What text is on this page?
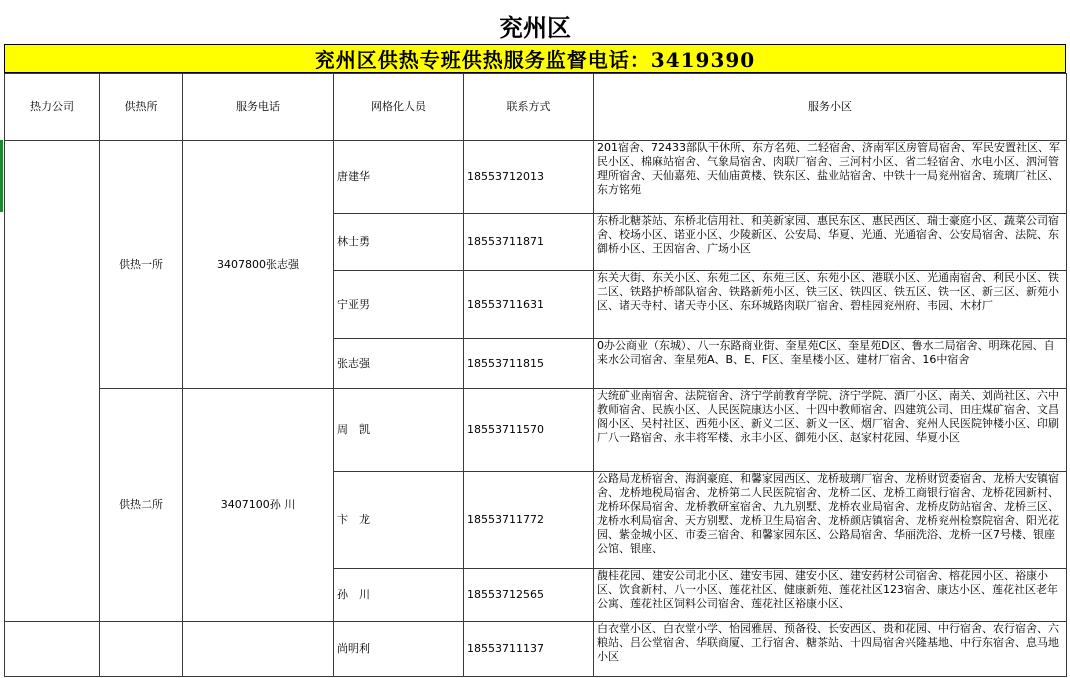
兖州区
兖州区供热专班供热服务监督电话：3419390
热力公司	供热所	服务电话	网格化人员	联系方式	服务小区
	供热一所	3407800张志强	唐建华	18553712013	201宿舍、72433部队干休所、东方名苑、二轻宿舍、济南军区房管局宿舍、军民安置社区、军民小区、棉麻站宿舍、气象局宿舍、肉联厂宿舍、三河村小区、省二轻宿舍、水电小区、泗河管理所宿舍、天仙嘉苑、天仙庙黄楼、铁东区、盐业站宿舍、中铁十一局兖州宿舍、琉璃厂社区、东方铭苑
			林士勇	18553711871	东桥北糖茶站、东桥北信用社、和美新家园、惠民东区、惠民西区、瑞士豪庭小区、蔬菜公司宿舍、校场小区、诺亚小区、少陵新区、公安局、华夏、光通、光通宿舍、公安局宿舍、法院、东御桥小区、王因宿舍、广场小区
			宁亚男	18553711631	东关大街、东关小区、东苑二区、东苑三区、东苑小区、港联小区、光通南宿舍、利民小区、铁二区、铁路护桥部队宿舍、铁路新苑小区、铁三区、铁四区、铁五区、铁一区、新三区、新苑小区、诸天寺村、诸天寺小区、东环城路肉联厂宿舍、碧桂园兖州府、韦园、木材厂
			张志强	18553711815	0办公商业（东城）、八一东路商业街、奎星苑C区、奎星苑D区、鲁水二局宿舍、明珠花园、自来水公司宿舍、奎星苑A、B、E、F区、奎星楼小区、建材厂宿舍、16中宿舍
	供热二所	3407100孙 川	周　凯	18553711570	大统矿业南宿舍、法院宿舍、济宁学前教育学院、济宁学院、酒厂小区、南关、刘尚社区、六中教师宿舍、民族小区、人民医院康达小区、十四中教师宿舍、四建筑公司、田庄煤矿宿舍、文昌阁小区、吴村社区、西苑小区、新义二区、新义一区、烟厂宿舍、兖州人民医院钟楼小区、印刷厂八一路宿舍、永丰将军楼、永丰小区、御苑小区、赵家村花园、华夏小区
			卞　龙	18553711772	公路局龙桥宿舍、海润豪庭、和馨家园西区、龙桥玻璃厂宿舍、龙桥财贸委宿舍、龙桥大安镇宿舍、龙桥地税局宿舍、龙桥第二人民医院宿舍、龙桥二区、龙桥工商银行宿舍、龙桥花园新村、龙桥环保局宿舍、龙桥教研室宿舍、九九别墅、龙桥农业局宿舍、龙桥皮防站宿舍、龙桥三区、龙桥水利局宿舍、天方别墅、龙桥卫生局宿舍、龙桥颜店镇宿舍、龙桥兖州检察院宿舍、阳光花园、紫金城小区、市委三宿舍、和馨家园东区、公路局宿舍、华丽洗浴、龙桥一区7号楼、银座公馆、银座、
			孙　川	18553712565	馥桂花园、建安公司北小区、建安韦园、建安小区、建安药材公司宿舍、榕花园小区、裕康小区、饮食新村、八一小区、莲花社区、健康新苑、莲花社区123宿舍、康达小区、莲花社区老年公寓、莲花社区饲料公司宿舍、莲花社区裕康小区、
			尚明利	18553711137	白衣堂小区、白衣堂小学、怡园雅居、预备役、长安西区、贵和花园、中行宿舍、农行宿舍、六粮站、吕公堂宿舍、华联商厦、工行宿舍、糖茶站、十四局宿舍兴隆基地、中行东宿舍、息马地小区
